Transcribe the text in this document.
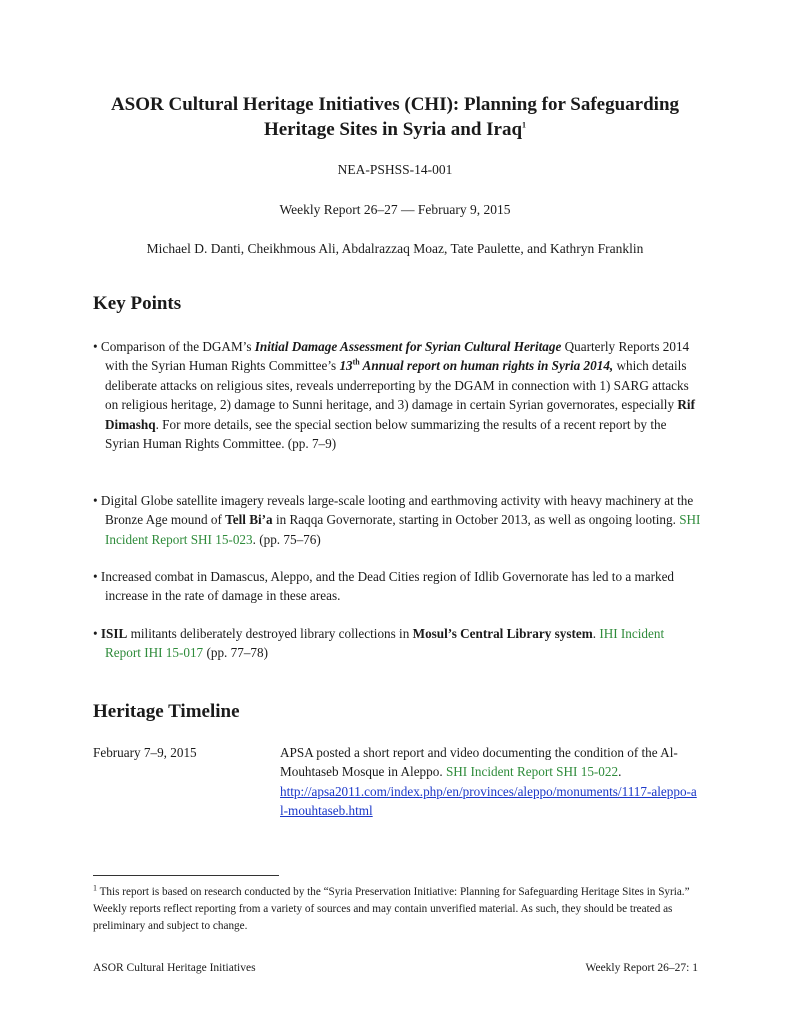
ASOR Cultural Heritage Initiatives (CHI): Planning for Safeguarding
Heritage Sites in Syria and Iraq$^1$
NEA-PSHSS-14-001
Weekly Report 26–27 — February 9, 2015
Michael D. Danti, Cheikhmous Ali, Abdalrazzaq Moaz, Tate Paulette, and Kathryn Franklin
Key Points
• Comparison of the DGAM’s Initial Damage Assessment for Syrian Cultural Heritage Quarterly Reports 2014 with the Syrian Human Rights Committee’s 13th Annual report on human rights in Syria 2014, which details deliberate attacks on religious sites, reveals underreporting by the DGAM in connection with 1) SARG attacks on religious heritage, 2) damage to Sunni heritage, and 3) damage in certain Syrian governorates, especially Rif Dimashq. For more details, see the special section below summarizing the results of a recent report by the Syrian Human Rights Committee. (pp. 7–9)
• Digital Globe satellite imagery reveals large-scale looting and earthmoving activity with heavy machinery at the Bronze Age mound of Tell Bi’a in Raqqa Governorate, starting in October 2013, as well as ongoing looting. SHI Incident Report SHI 15-023. (pp. 75–76)
• Increased combat in Damascus, Aleppo, and the Dead Cities region of Idlib Governorate has led to a marked increase in the rate of damage in these areas.
• ISIL militants deliberately destroyed library collections in Mosul’s Central Library system. IHI Incident Report IHI 15-017 (pp. 77–78)
Heritage Timeline
February 7–9, 2015	APSA posted a short report and video documenting the condition of the Al-Mouhtaseb Mosque in Aleppo. SHI Incident Report SHI 15-022.
http://apsa2011.com/index.php/en/provinces/aleppo/monuments/1117-aleppo-al-mouhtaseb.html
$^1$ This report is based on research conducted by the “Syria Preservation Initiative: Planning for Safeguarding Heritage Sites in Syria.” Weekly reports reflect reporting from a variety of sources and may contain unverified material. As such, they should be treated as preliminary and subject to change.
ASOR Cultural Heritage Initiatives	Weekly Report 26–27: 1
